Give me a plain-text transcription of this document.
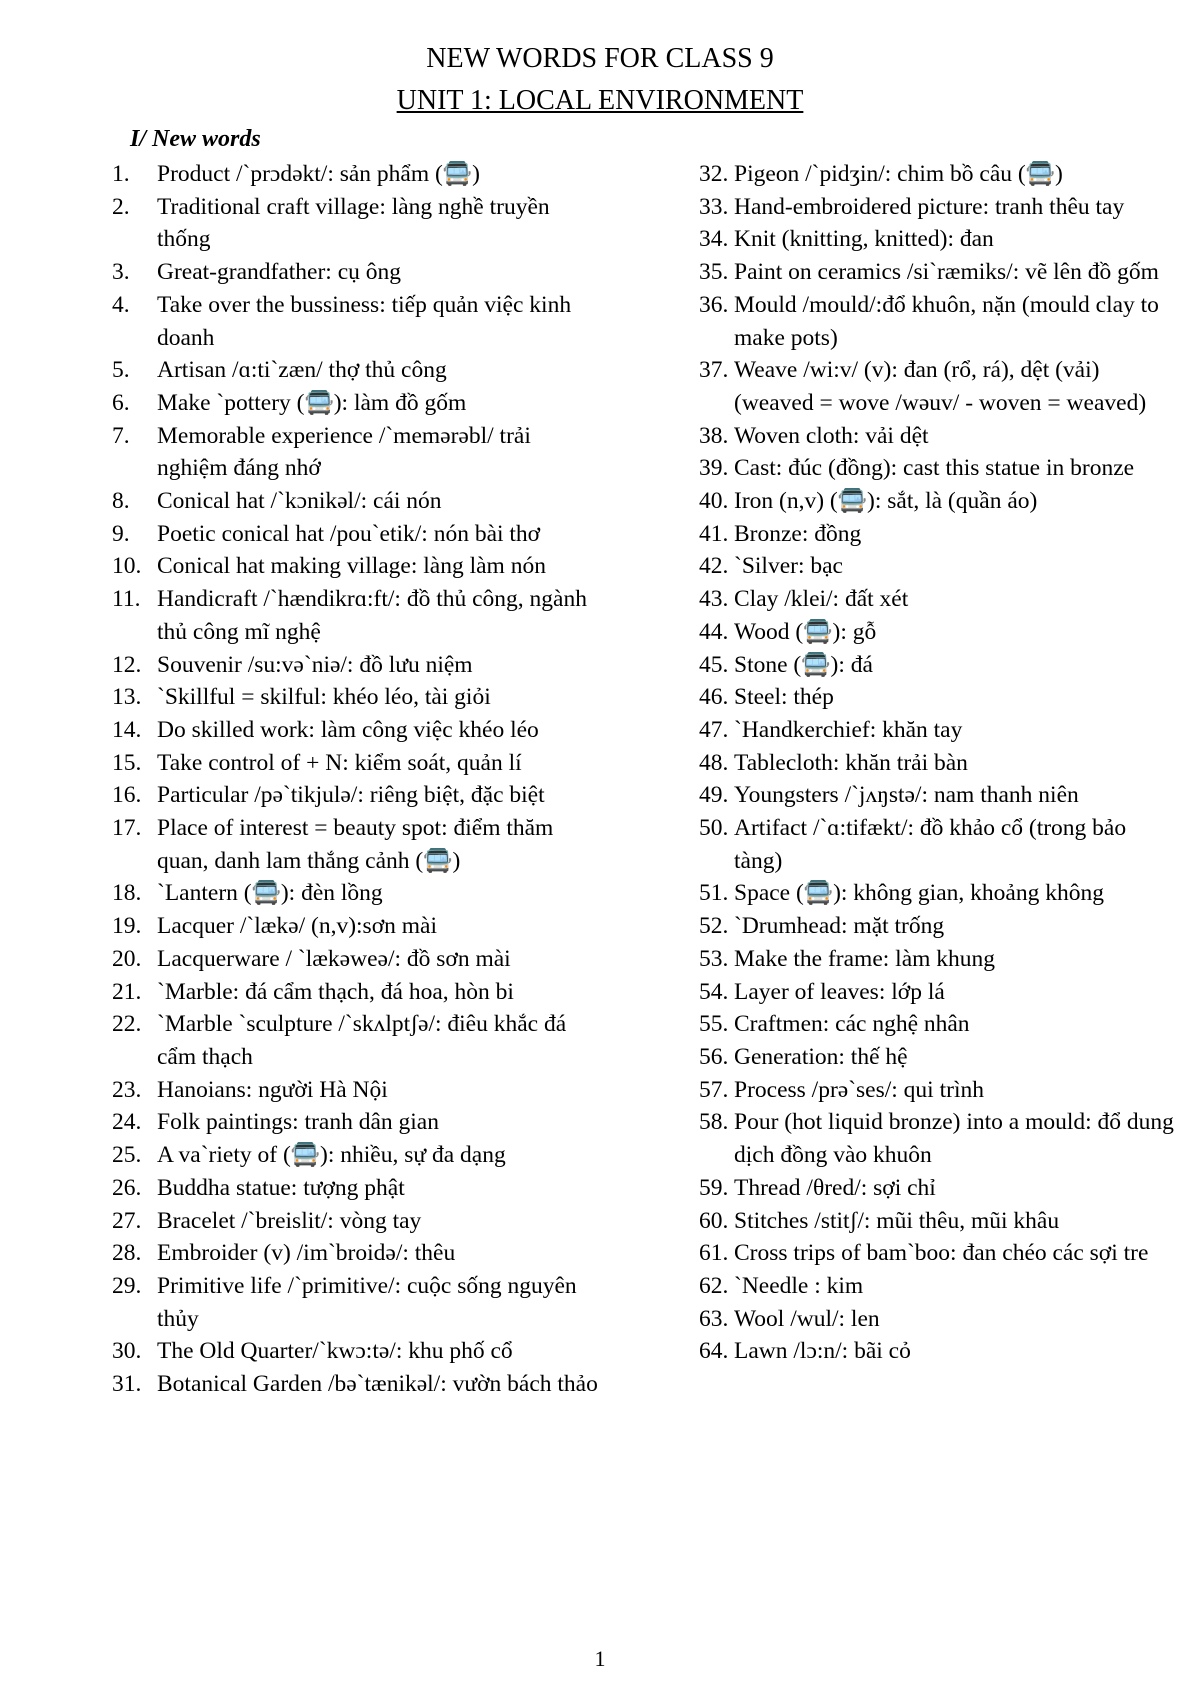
NEW WORDS FOR CLASS 9
UNIT 1: LOCAL ENVIRONMENT
I/ New words
1. Product /`prɔdəkt/: sản phẩm (🚍)
2. Traditional craft village: làng nghề truyền thống
3. Great-grandfather: cụ ông
4. Take over the bussiness: tiếp quản việc kinh doanh
5. Artisan /ɑ:ti`zæn/ thợ thủ công
6. Make `pottery (🚍): làm đồ gốm
7. Memorable experience /`memərəbl/ trải nghiệm đáng nhớ
8. Conical hat /`kɔnikəl/: cái nón
9. Poetic conical hat /pou`etik/: nón bài thơ
10. Conical hat making village: làng làm nón
11. Handicraft /`hændikrɑ:ft/: đồ thủ công, ngành thủ công mĩ nghệ
12. Souvenir /su:və`niə/: đồ lưu niệm
13. `Skillful = skilful: khéo léo, tài giỏi
14. Do skilled work: làm công việc khéo léo
15. Take control of + N: kiểm soát, quản lí
16. Particular /pə`tikjulə/: riêng biệt, đặc biệt
17. Place of interest = beauty spot: điểm thăm quan, danh lam thắng cảnh (🚍)
18. `Lantern (🚍): đèn lồng
19. Lacquer /`lækə/ (n,v):sơn mài
20. Lacquerware / `lækəweə/: đồ sơn mài
21. `Marble: đá cẩm thạch, đá hoa, hòn bi
22. `Marble `sculpture /`skʌlptʃə/: điêu khắc đá cẩm thạch
23. Hanoians: người Hà Nội
24. Folk paintings: tranh dân gian
25. A va`riety of (🚍): nhiều, sự đa dạng
26. Buddha statue: tượng phật
27. Bracelet /`breislit/: vòng tay
28. Embroider (v) /im`broidə/: thêu
29. Primitive life /`primitive/: cuộc sống nguyên thủy
30. The Old Quarter/`kwɔ:tə/: khu phố cổ
31. Botanical Garden /bə`tænikəl/: vườn bách thảo
32. Pigeon /`pidʒin/: chim bồ câu (🚍)
33. Hand-embroidered picture: tranh thêu tay
34. Knit (knitting, knitted): đan
35. Paint on ceramics /si`ræmiks/: vẽ lên đồ gốm
36. Mould /mould/:đổ khuôn, nặn (mould clay to make pots)
37. Weave /wi:v/ (v): đan (rổ, rá), dệt (vải) (weaved = wove /wəuv/ - woven = weaved)
38. Woven cloth: vải dệt
39. Cast: đúc (đồng): cast this statue in bronze
40. Iron (n,v) (🚍): sắt, là (quần áo)
41. Bronze: đồng
42. `Silver: bạc
43. Clay /klei/: đất xét
44. Wood (🚍): gỗ
45. Stone (🚍): đá
46. Steel: thép
47. `Handkerchief: khăn tay
48. Tablecloth: khăn trải bàn
49. Youngsters /`jʌŋstə/: nam thanh niên
50. Artifact /`ɑ:tifækt/: đồ khảo cổ (trong bảo tàng)
51. Space (🚍): không gian, khoảng không
52. `Drumhead: mặt trống
53. Make the frame: làm khung
54. Layer of leaves: lớp lá
55. Craftmen: các nghệ nhân
56. Generation: thế hệ
57. Process /prə`ses/: qui trình
58. Pour (hot liquid bronze) into a mould: đổ dung dịch đồng vào khuôn
59. Thread /θred/: sợi chỉ
60. Stitches /stitʃ/: mũi thêu, mũi khâu
61. Cross trips of bam`boo: đan chéo các sợi tre
62. `Needle : kim
63. Wool /wul/: len
64. Lawn /lɔ:n/: bãi cỏ
1
